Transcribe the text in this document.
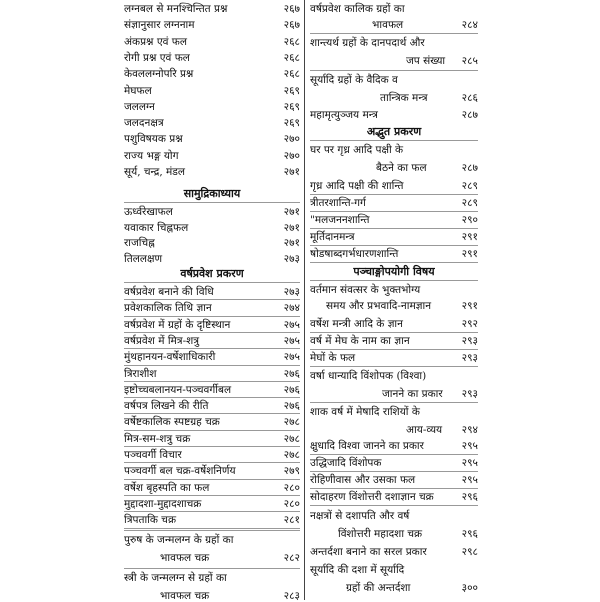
लग्नबल से मनश्चिन्तित प्रश्न	२६७
संज्ञानुसार लग्ननाम	२६७
अंकप्रश्न एवं फल	२६८
रोगी प्रश्न एवं फल	२६८
केवललग्नोपरि प्रश्न	२६८
मेघफल	२६९
जललग्न	२६९
जलदनक्षत्र	२६९
पशुविषयक प्रश्न	२७०
राज्य भङ्ग योग	२७०
सूर्य, चन्द्र, मंडल	२७१
सामुद्रिकाध्याय
ऊर्ध्वरेखाफल	२७१
यवाकार चिह्नफल	२७१
राजचिह्न	२७१
तिललक्षण	२७३
वर्षप्रवेश प्रकरण
वर्षप्रवेश बनाने की विधि	२७३
प्रवेशकालिक तिथि ज्ञान	२७४
वर्षप्रवेश में ग्रहों के दृष्टिस्थान	२७५
वर्षप्रवेश में मित्र-शत्रु	२७५
मुंथहानयन-वर्षेशाधिकारी	२७५
त्रिराशीश	२७६
इष्टोच्चबलानयन-पञ्चवर्गीबल	२७६
वर्षपत्र लिखने की रीति	२७६
वर्षेष्टकालिक स्पष्टग्रह चक्र	२७८
मित्र-सम-शत्रु चक्र	२७८
पञ्चवर्गी विचार	२७८
पञ्चवर्गी बल चक्र-वर्षेशनिर्णय	२७९
वर्षेश बृहस्पति का फल	२८०
मुद्दादशा-मुद्दादशाचक्र	२८०
त्रिपताकि चक्र	२८१
पुरुष के जन्मलग्न के ग्रहों का
भावफल चक्र	२८२
स्त्री के जन्मलग्न से ग्रहों का
भावफल चक्र	२८३
वर्षप्रवेश कालिक ग्रहों का
भावफल	२८४
शान्त्यर्थ ग्रहों के दानपदार्थ और
जप संख्या २८५
सूर्यादि ग्रहों के वैदिक व
तान्त्रिक मन्त्र	२८६
महामृत्युञ्जय मन्त्र	२८७
अद्भुत प्रकरण
घर पर गृध्र आदि पक्षी के
बैठने का फल	२८७
गृध्र आदि पक्षी की शान्ति	२८९
त्रीतरशान्ति-गर्ग	२८९
"मलजननशान्ति	२९०
मूर्तिदानमन्त्र	२९१
षोडषाब्दगर्भधारणशान्ति	२९१
पञ्चाङ्गोपयोगी विषय
वर्तमान संवत्सर के भुक्तभोग्य
समय और प्रभवादि-नामज्ञान	२९१
वर्षेश मन्त्री आदि के ज्ञान	२९२
वर्ष में मेघ के नाम का ज्ञान	२९३
मेघों के फल	२९३
वर्षा धान्यादि विंशोपक (विश्वा)
जानने का प्रकार २९३
शाक वर्ष में मेषादि राशियों के
आय-व्यय २९४
क्षुधादि विश्वा जानने का प्रकार	२९५
उद्धिजादि विंशोपक	२९५
रोहिणीवास और उसका फल	२९५
सोदाहरण विंशोत्तरी दशाज्ञान चक्र	२९६
नक्षत्रों से दशापति और वर्ष
विंशोत्तरी महादशा चक्र	२९६
अन्तर्दशा बनाने का सरल प्रकार	२९८
सूर्यादि की दशा में सूर्यादि
ग्रहों की अन्तर्दशा	३००
